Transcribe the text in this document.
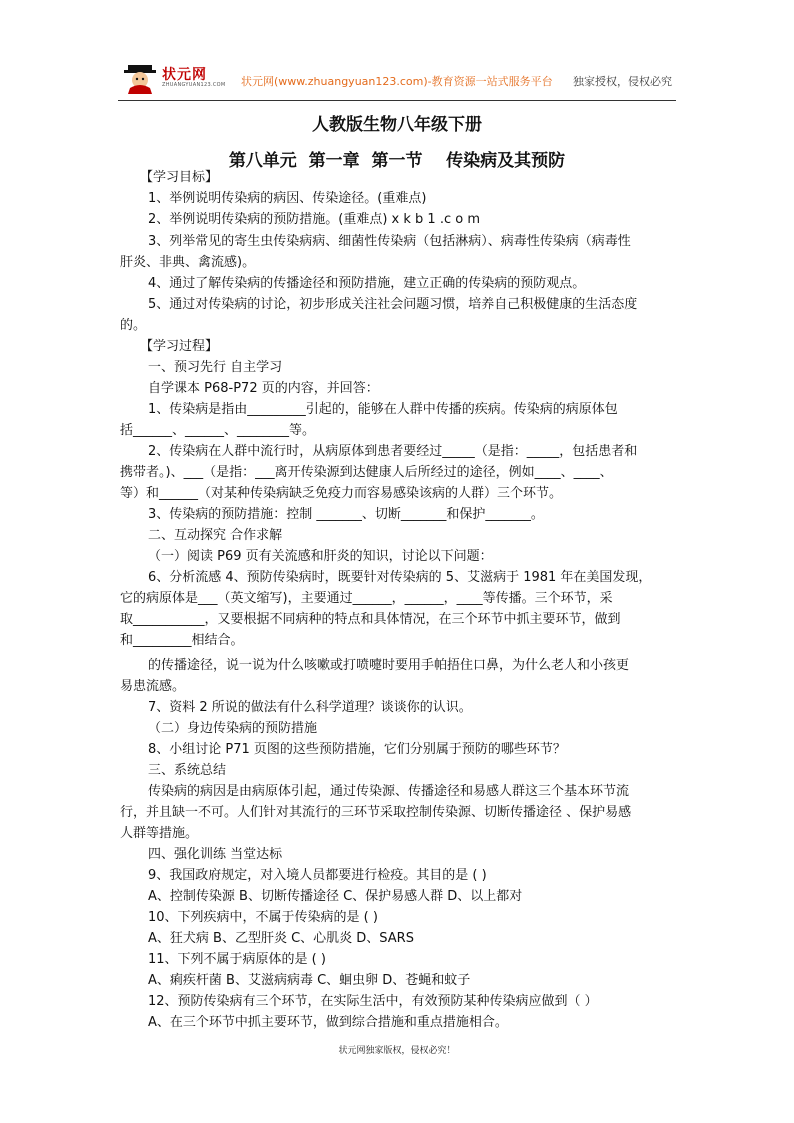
状元网
ZHUANGYUAN123.COM 状元网(www.zhuangyuan123.com)-教育资源一站式服务平台 独家授权，侵权必究
人教版生物八年级下册
第八单元  第一章  第一节    传染病及其预防
【学习目标】
1、举例说明传染病的病因、传染途径。(重难点)
2、举例说明传染病的预防措施。(重难点) x k b 1 .c o m
3、列举常见的寄生虫传染病病、细菌性传染病（包括淋病）、病毒性传染病（病毒性
肝炎、非典、禽流感)。
4、通过了解传染病的传播途径和预防措施，建立正确的传染病的预防观点。
5、通过对传染病的讨论，初步形成关注社会问题习惯，培养自己积极健康的生活态度
的。
【学习过程】
一、预习先行 自主学习
自学课本 P68-P72 页的内容，并回答：
1、传染病是指由_________引起的，能够在人群中传播的疾病。传染病的病原体包
括______、______、________等。
2、传染病在人群中流行时，从病原体到患者要经过_____（是指：_____，包括患者和
携带者。)、___（是指：___离开传染源到达健康人后所经过的途径，例如____、____、
等）和______（对某种传染病缺乏免疫力而容易感染该病的人群）三个环节。
3、传染病的预防措施：控制 _______、切断_______和保护_______。
二、互动探究 合作求解
（一）阅读 P69 页有关流感和肝炎的知识，讨论以下问题：
6、分析流感 4、预防传染病时，既要针对传染病的 5、艾滋病于 1981 年在美国发现，
它的病原体是___（英文缩写)，主要通过______，______，____等传播。三个环节，采
取___________，又要根据不同病种的特点和具体情况，在三个环节中抓主要环节，做到
和_________相结合。
的传播途径，说一说为什么咳嗽或打喷嚏时要用手帕捂住口鼻，为什么老人和小孩更
易患流感。
7、资料 2 所说的做法有什么科学道理？谈谈你的认识。
（二）身边传染病的预防措施
8、小组讨论 P71 页图的这些预防措施，它们分别属于预防的哪些环节？
三、系统总结
传染病的病因是由病原体引起，通过传染源、传播途径和易感人群这三个基本环节流
行，并且缺一不可。人们针对其流行的三环节采取控制传染源、切断传播途径 、保护易感
人群等措施。
四、强化训练 当堂达标
9、我国政府规定，对入境人员都要进行检疫。其目的是 ( )
A、控制传染源 B、切断传播途径 C、保护易感人群 D、以上都对
10、下列疾病中，不属于传染病的是 ( )
A、狂犬病 B、乙型肝炎 C、心肌炎 D、SARS
11、下列不属于病原体的是 ( )
A、痢疾杆菌 B、艾滋病病毒 C、蛔虫卵 D、苍蝇和蚊子
12、预防传染病有三个环节，在实际生活中，有效预防某种传染病应做到（ ）
A、在三个环节中抓主要环节，做到综合措施和重点措施相合。
状元网独家版权，侵权必究！
